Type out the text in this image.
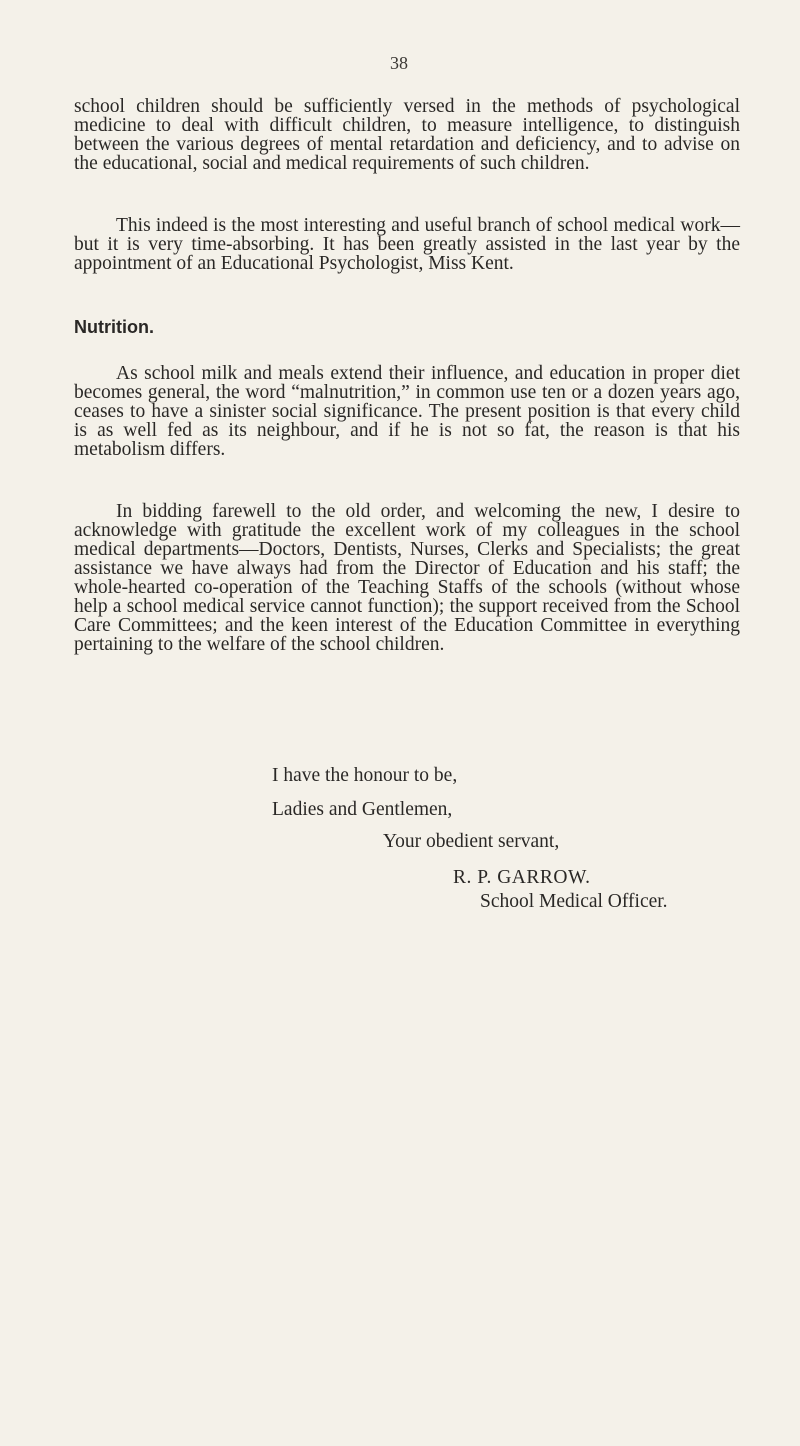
38

school children should be sufficiently versed in the methods of psychological medicine to deal with difficult children, to measure intelligence, to distinguish between the various degrees of mental retardation and deficiency, and to advise on the educational, social and medical requirements of such children.

This indeed is the most interesting and useful branch of school medical work—but it is very time-absorbing. It has been greatly assisted in the last year by the appointment of an Educational Psychologist, Miss Kent.

Nutrition.

As school milk and meals extend their influence, and education in proper diet becomes general, the word “malnutrition,” in common use ten or a dozen years ago, ceases to have a sinister social significance. The present position is that every child is as well fed as its neighbour, and if he is not so fat, the reason is that his metabolism differs.

In bidding farewell to the old order, and welcoming the new, I desire to acknowledge with gratitude the excellent work of my colleagues in the school medical departments—Doctors, Dentists, Nurses, Clerks and Specialists; the great assistance we have always had from the Director of Education and his staff; the whole-hearted co-operation of the Teaching Staffs of the schools (without whose help a school medical service cannot function); the support received from the School Care Committees; and the keen interest of the Education Committee in everything pertaining to the welfare of the school children.

I have the honour to be,

Ladies and Gentlemen,

Your obedient servant,

R. P. GARROW.

School Medical Officer.
